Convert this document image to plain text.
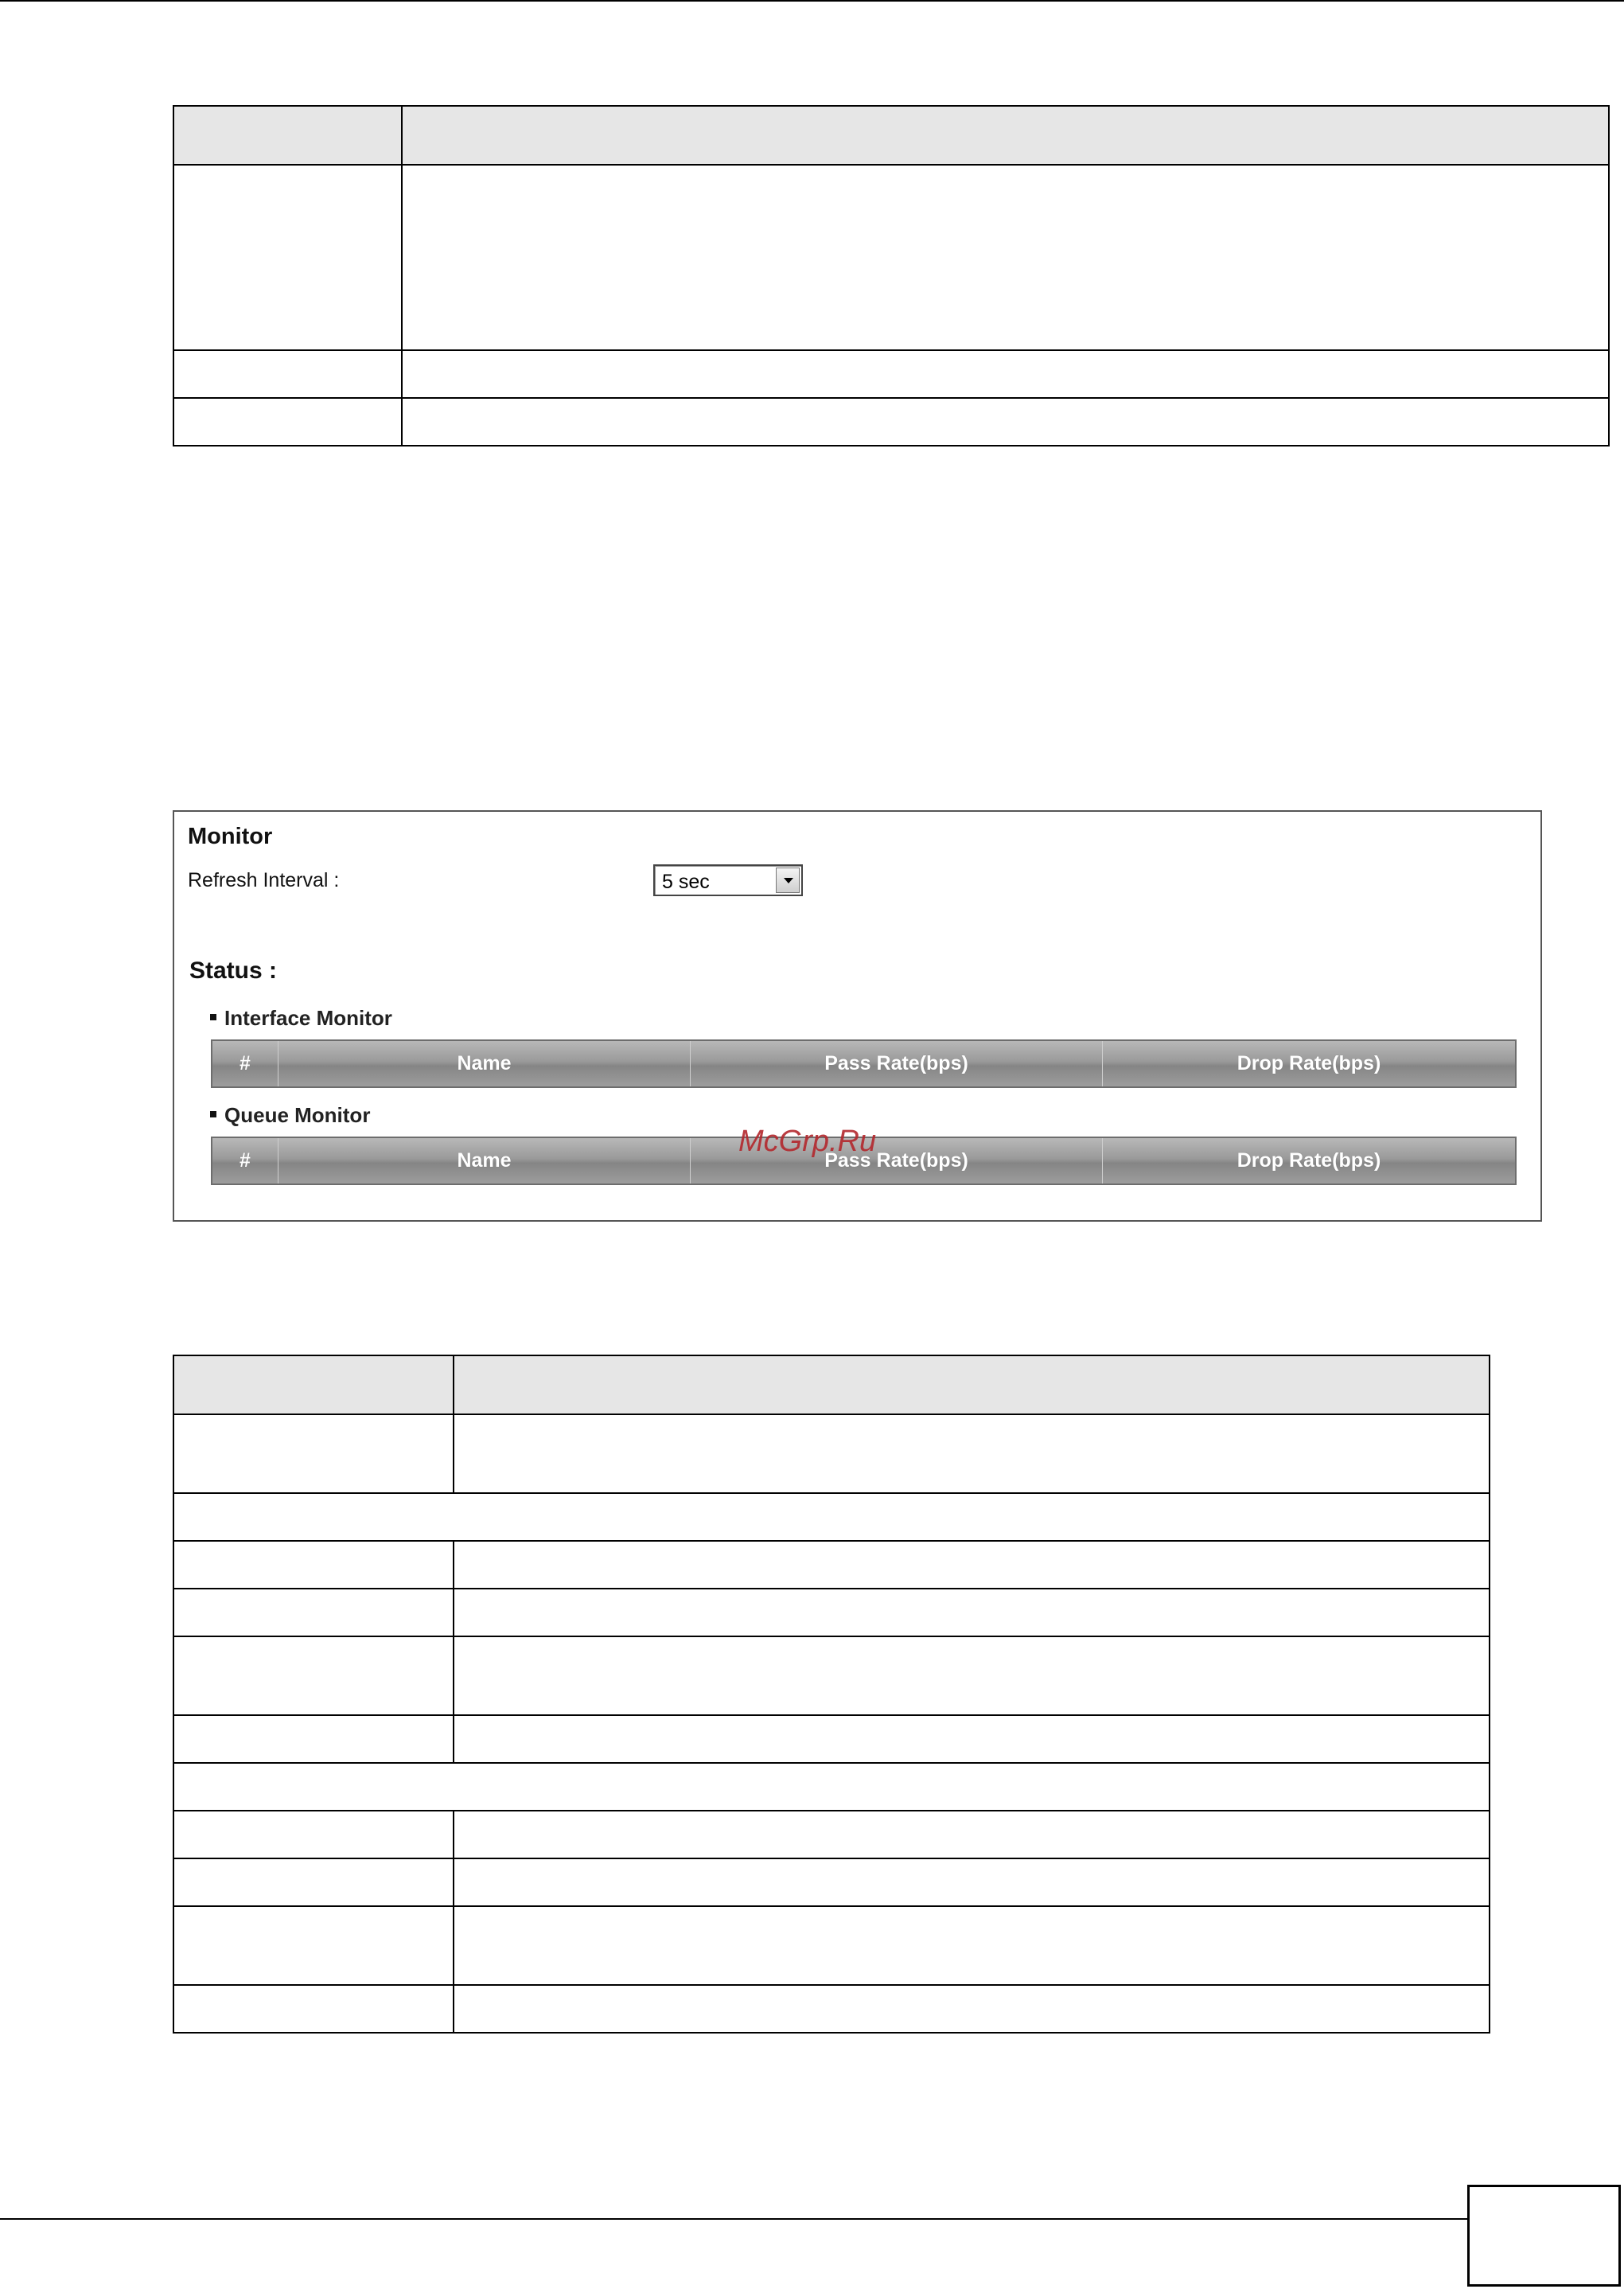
Monitor
Refresh Interval :	5 sec
Status :
Interface Monitor
#	Name	Pass Rate(bps)	Drop Rate(bps)
Queue Monitor
#	Name	Pass Rate(bps)	Drop Rate(bps)
McGrp.Ru
